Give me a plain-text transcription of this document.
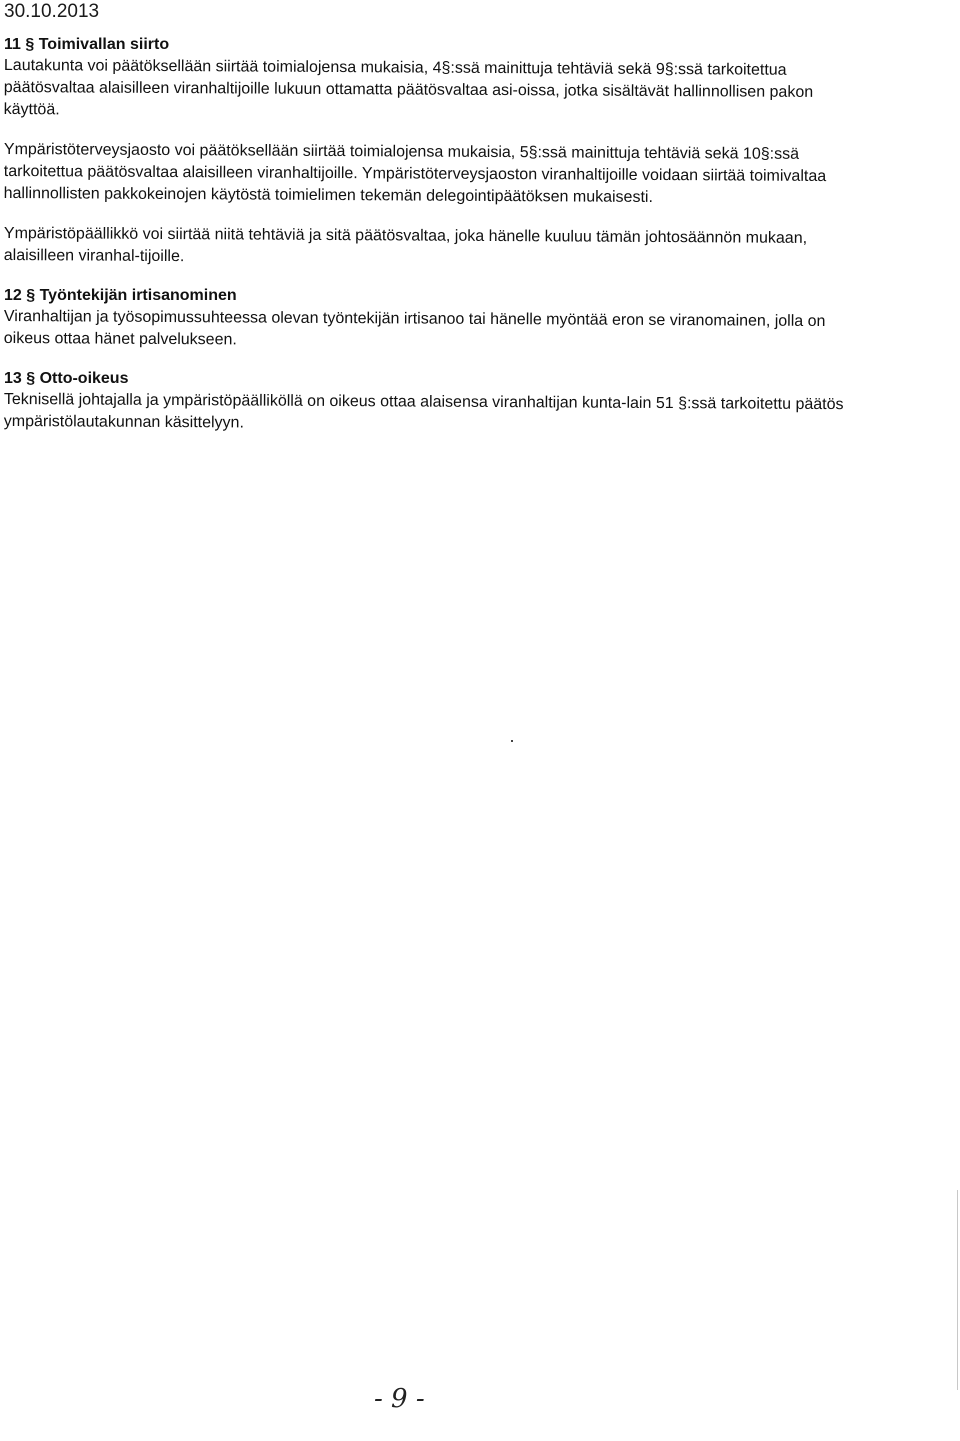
30.10.2013
11 § Toimivallan siirto

Lautakunta voi päätöksellään siirtää toimialojensa mukaisia, 4§:ssä mainittuja tehtäviä sekä 9§:ssä tarkoitettua päätösvaltaa alaisilleen viranhaltijoille lukuun ottamatta päätösvaltaa asi-oissa, jotka sisältävät hallinnollisen pakon käyttöä.

Ympäristöterveysjaosto voi päätöksellään siirtää toimialojensa mukaisia, 5§:ssä mainittuja tehtäviä sekä 10§:ssä tarkoitettua päätösvaltaa alaisilleen viranhaltijoille. Ympäristöterveysjaoston viranhaltijoille voidaan siirtää toimivaltaa hallinnollisten pakkokeinojen käytöstä toimielimen tekemän delegointipäätöksen mukaisesti.

Ympäristöpäällikkö voi siirtää niitä tehtäviä ja sitä päätösvaltaa, joka hänelle kuuluu tämän johtosäännön mukaan, alaisilleen viranhal-tijoille.

12 § Työntekijän irtisanominen

Viranhaltijan ja työsopimussuhteessa olevan työntekijän irtisanoo tai hänelle myöntää eron se viranomainen, jolla on oikeus ottaa hänet palvelukseen.

13 § Otto-oikeus

Teknisellä johtajalla ja ympäristöpäälliköllä on oikeus ottaa alaisensa viranhaltijan kunta-lain 51 §:ssä tarkoitettu päätös ympäristölautakunnan käsittelyyn.

- 9 -
